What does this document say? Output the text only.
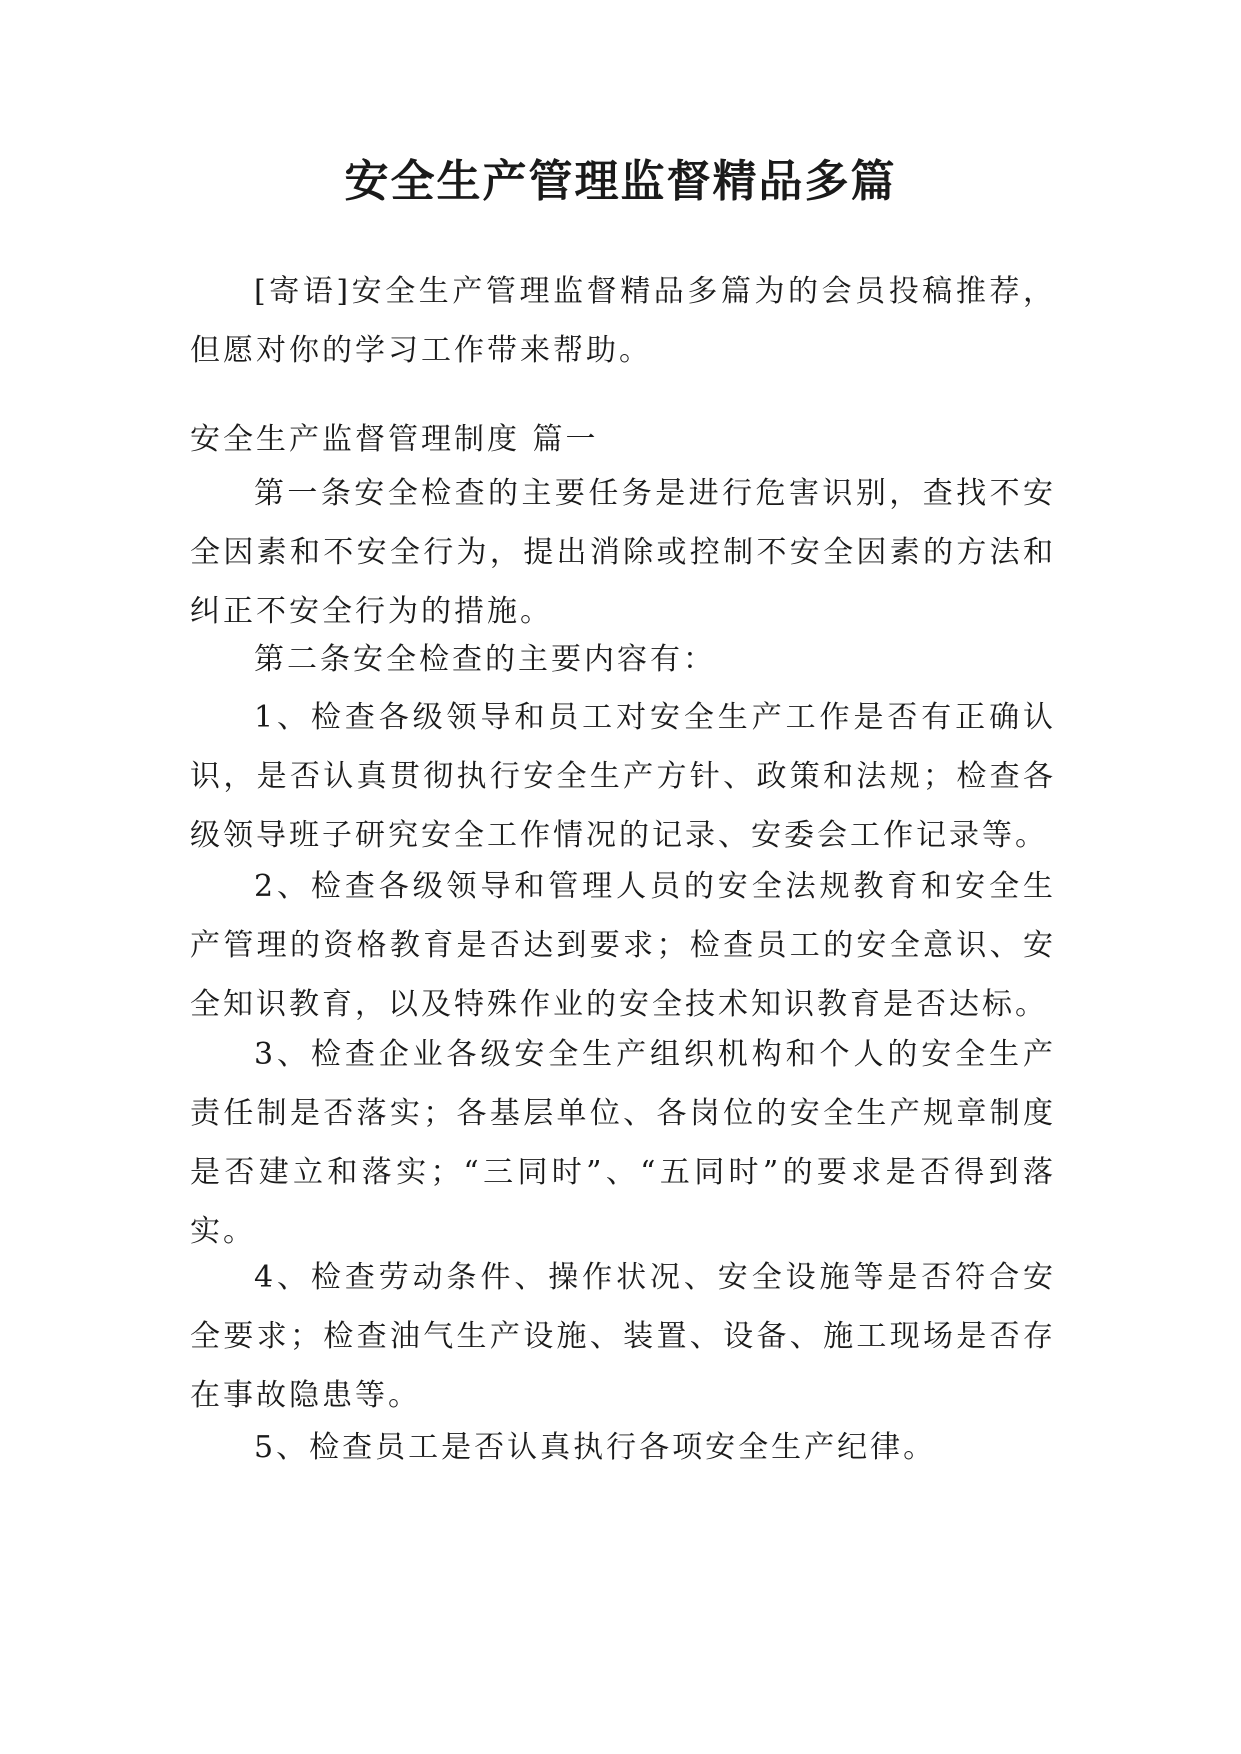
安全生产管理监督精品多篇

[寄语]安全生产管理监督精品多篇为的会员投稿推荐，但愿对你的学习工作带来帮助。

安全生产监督管理制度 篇一

第一条安全检查的主要任务是进行危害识别，查找不安全因素和不安全行为，提出消除或控制不安全因素的方法和纠正不安全行为的措施。

第二条安全检查的主要内容有：

1、检查各级领导和员工对安全生产工作是否有正确认识，是否认真贯彻执行安全生产方针、政策和法规；检查各级领导班子研究安全工作情况的记录、安委会工作记录等。

2、检查各级领导和管理人员的安全法规教育和安全生产管理的资格教育是否达到要求；检查员工的安全意识、安全知识教育，以及特殊作业的安全技术知识教育是否达标。

3、检查企业各级安全生产组织机构和个人的安全生产责任制是否落实；各基层单位、各岗位的安全生产规章制度是否建立和落实；“三同时”、“五同时”的要求是否得到落实。

4、检查劳动条件、操作状况、安全设施等是否符合安全要求；检查油气生产设施、装置、设备、施工现场是否存在事故隐患等。

5、检查员工是否认真执行各项安全生产纪律。
